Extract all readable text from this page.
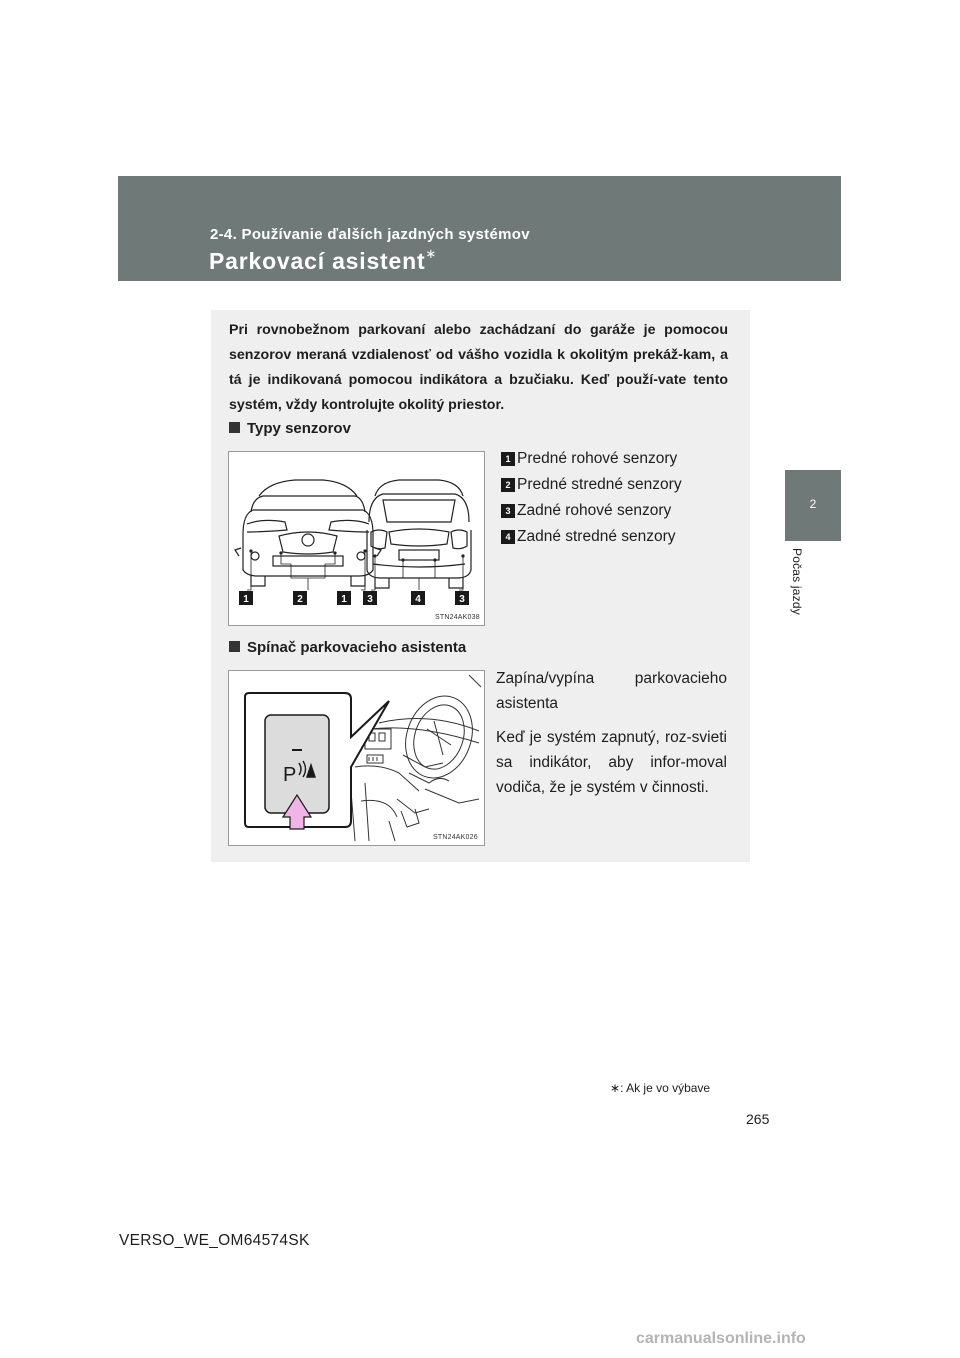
2-4. Používanie ďalších jazdných systémov
Parkovací asistent∗
2
Počas jazdy
Pri rovnobežnom parkovaní alebo zachádzaní do garáže je pomocou senzorov meraná vzdialenosť od vášho vozidla k okolitým prekáž-kam, a tá je indikovaná pomocou indikátora a bzučiaku. Keď použí-vate tento systém, vždy kontrolujte okolitý priestor.
Typy senzorov
1	2	1 3	4	3
STN24AK038
1 Predné rohové senzory
2 Predné stredné senzory
3 Zadné rohové senzory
4 Zadné stredné senzory
Spínač parkovacieho asistenta
P
STN24AK026
Zapína/vypína parkovacieho asistenta
Keď je systém zapnutý, roz-svieti sa indikátor, aby infor-moval vodiča, že je systém v činnosti.
∗: Ak je vo výbave
265
VERSO_WE_OM64574SK
carmanualsonline.info
